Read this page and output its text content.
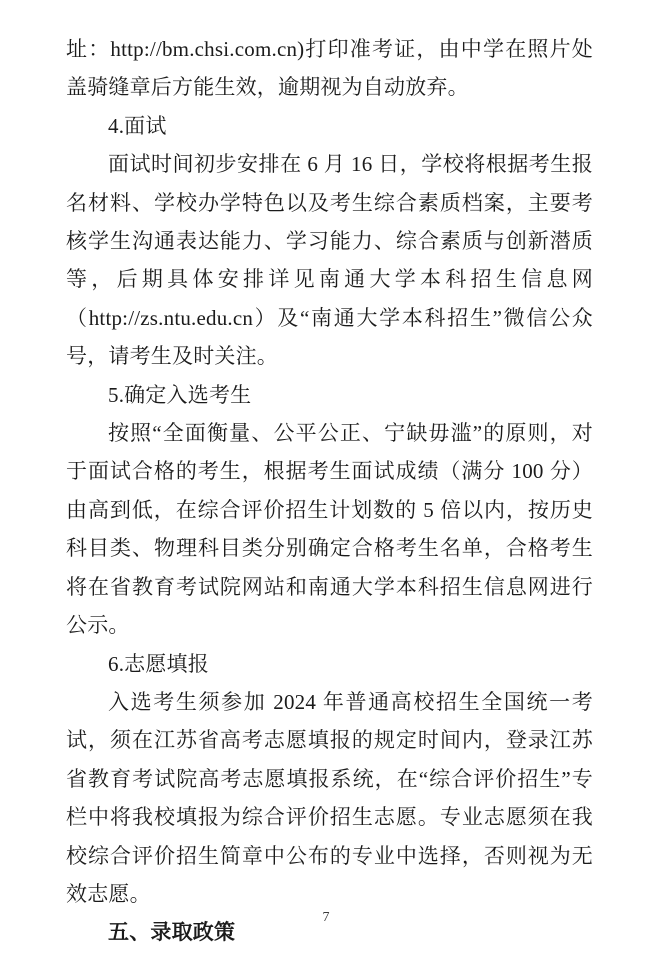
址：http://bm.chsi.com.cn)打印准考证，由中学在照片处盖骑缝章后方能生效，逾期视为自动放弃。

4.面试

面试时间初步安排在 6 月 16 日，学校将根据考生报名材料、学校办学特色以及考生综合素质档案，主要考核学生沟通表达能力、学习能力、综合素质与创新潜质等，后期具体安排详见南通大学本科招生信息网（http://zs.ntu.edu.cn）及“南通大学本科招生”微信公众号，请考生及时关注。

5.确定入选考生

按照“全面衡量、公平公正、宁缺毋滥”的原则，对于面试合格的考生，根据考生面试成绩（满分 100 分）由高到低，在综合评价招生计划数的 5 倍以内，按历史科目类、物理科目类分别确定合格考生名单，合格考生将在省教育考试院网站和南通大学本科招生信息网进行公示。

6.志愿填报

入选考生须参加 2024 年普通高校招生全国统一考试，须在江苏省高考志愿填报的规定时间内，登录江苏省教育考试院高考志愿填报系统，在“综合评价招生”专栏中将我校填报为综合评价招生志愿。专业志愿须在我校综合评价招生简章中公布的专业中选择，否则视为无效志愿。

五、录取政策

7
